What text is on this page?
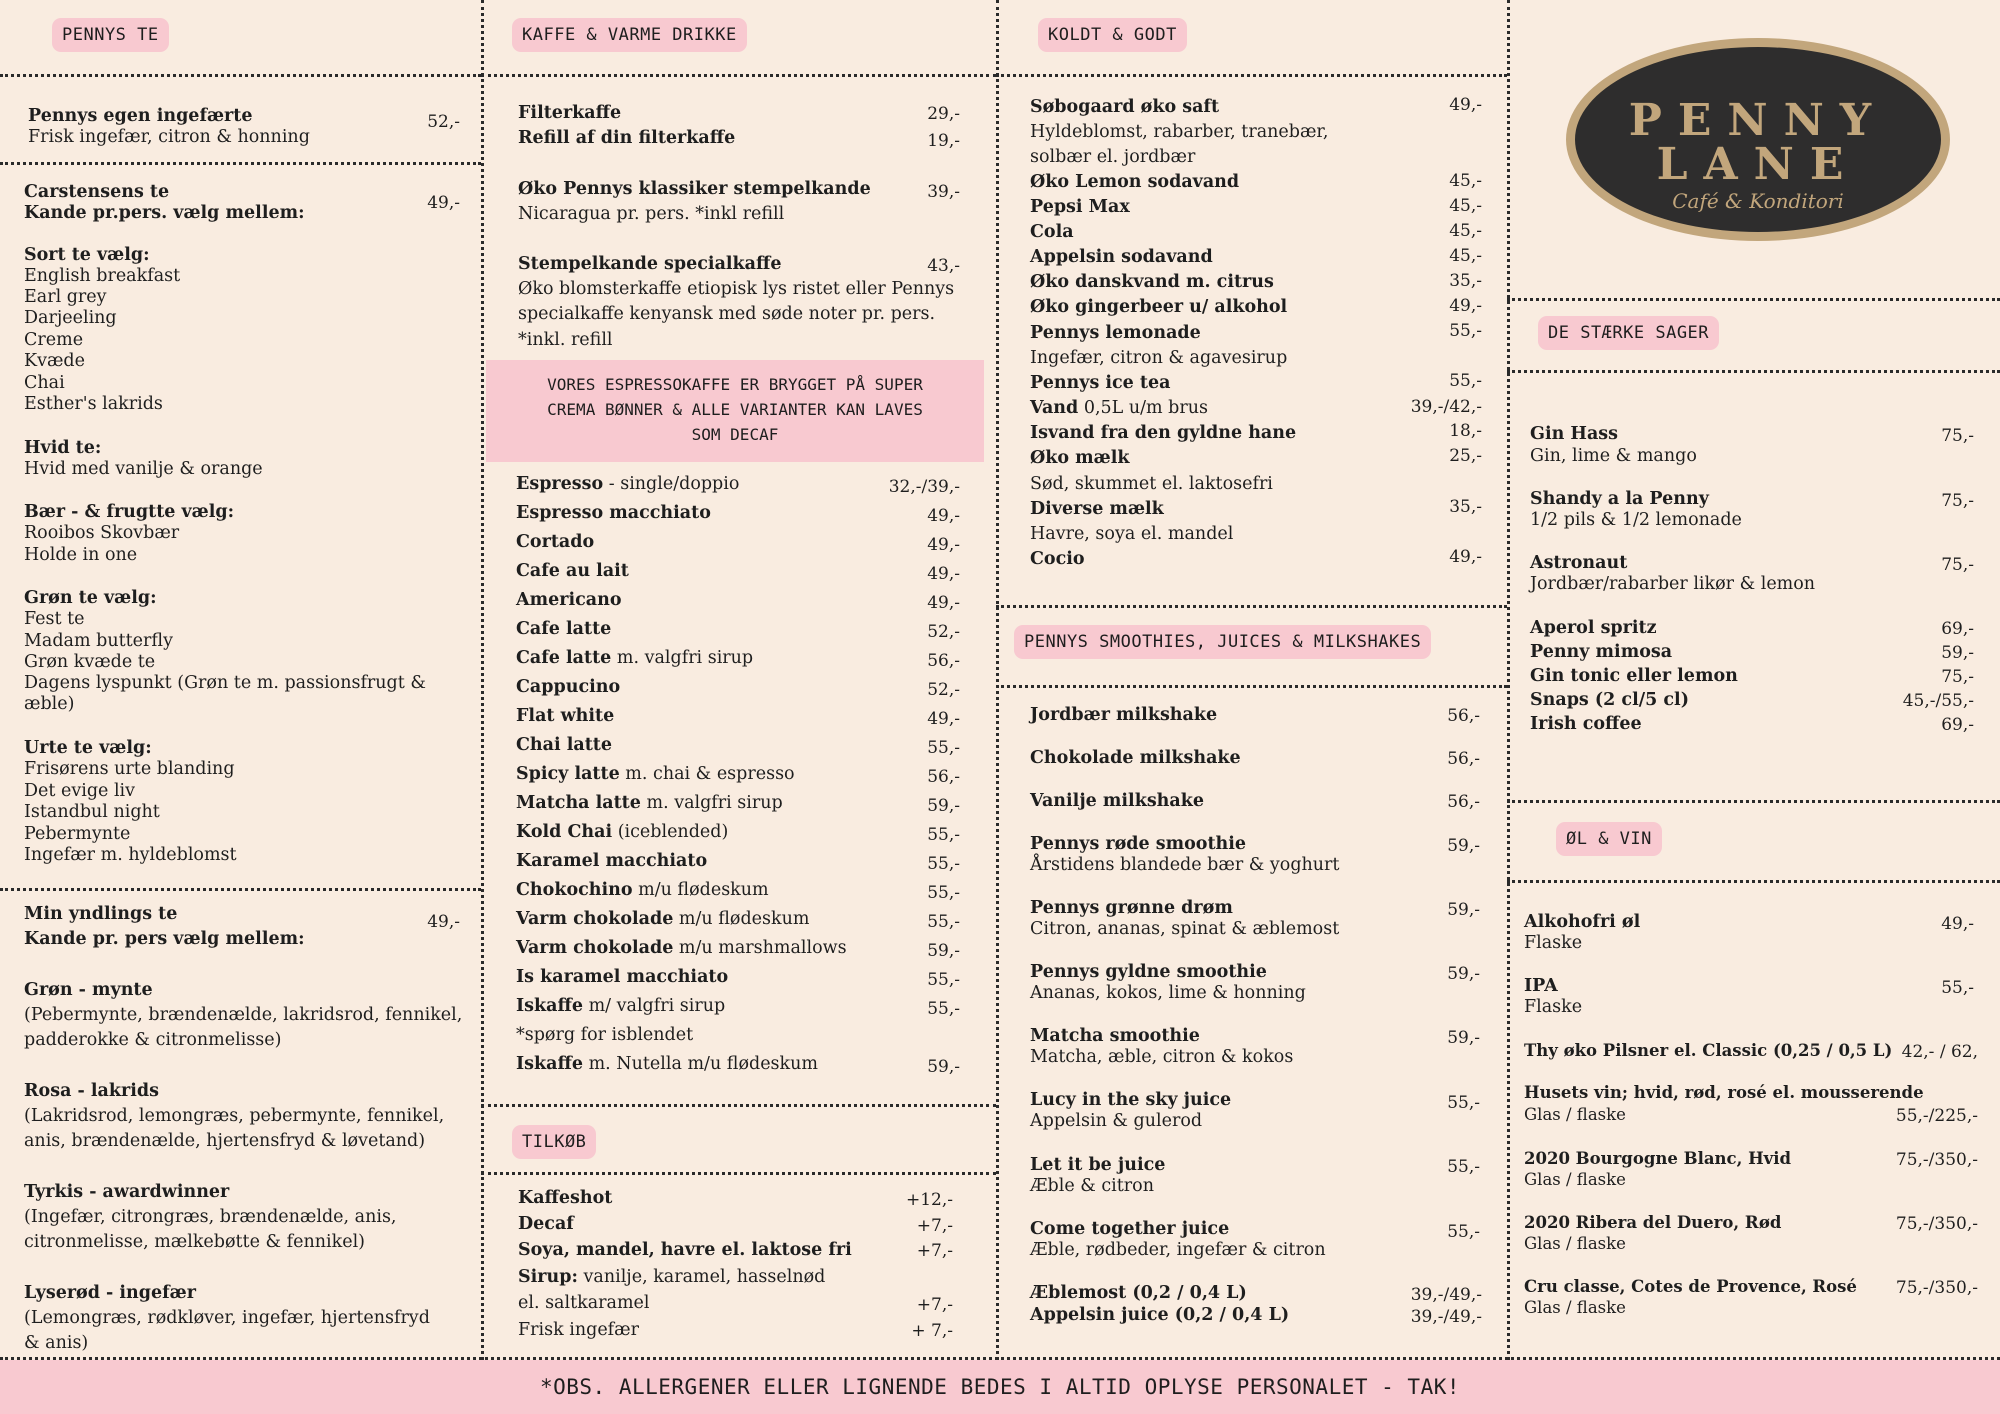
PENNYS TE
Pennys egen ingefærte
Frisk ingefær, citron & honning
52,-
Carstensens te
Kande pr.pers. vælg mellem:	49,-
Sort te vælg:
English breakfast
Earl grey
Darjeeling
Creme
Kvæde
Chai
Esther's lakrids
Hvid te:
Hvid med vanilje & orange
Bær - & frugtte vælg:
Rooibos Skovbær
Holde in one
Grøn te vælg:
Fest te
Madam butterfly
Grøn kvæde te
Dagens lyspunkt (Grøn te m. passionsfrugt &
æble)
Urte te vælg:
Frisørens urte blanding
Det evige liv
Istandbul night
Pebermynte
Ingefær m. hyldeblomst
Min yndlings te
Kande pr. pers vælg mellem:
49,-
Grøn - mynte
(Pebermynte, brændenælde, lakridsrod, fennikel,
padderokke & citronmelisse)
Rosa - lakrids
(Lakridsrod, lemongræs, pebermynte, fennikel,
anis, brændenælde, hjertensfryd & løvetand)
Tyrkis - awardwinner
(Ingefær, citrongræs, brændenælde, anis,
citronmelisse, mælkebøtte & fennikel)
Lyserød - ingefær
(Lemongræs, rødkløver, ingefær, hjertensfryd
& anis)
KAFFE & VARME DRIKKE
Filterkaffe	29,-
Refill af din filterkaffe	19,-
Øko Pennys klassiker stempelkande	39,-
Nicaragua pr. pers. *inkl refill
Stempelkande specialkaffe	43,-
Øko blomsterkaffe etiopisk lys ristet eller Pennys
specialkaffe kenyansk med søde noter pr. pers.
*inkl. refill
VORES ESPRESSOKAFFE ER BRYGGET PÅ SUPER
CREMA BØNNER & ALLE VARIANTER KAN LAVES
SOM DECAF
Espresso - single/doppio	32,-/39,-
Espresso macchiato	49,-
Cortado	49,-
Cafe au lait	49,-
Americano	49,-
Cafe latte	52,-
Cafe latte m. valgfri sirup	56,-
Cappucino	52,-
Flat white	49,-
Chai latte	55,-
Spicy latte m. chai & espresso	56,-
Matcha latte m. valgfri sirup	59,-
Kold Chai (iceblended)	55,-
Karamel macchiato	55,-
Chokochino m/u flødeskum	55,-
Varm chokolade m/u flødeskum	55,-
Varm chokolade m/u marshmallows	59,-
Is karamel macchiato	55,-
Iskaffe m/ valgfri sirup	55,-
*spørg for isblendet
Iskaffe m. Nutella m/u flødeskum	59,-
TILKØB
Kaffeshot	+12,-
Decaf	+7,-
Soya, mandel, havre el. laktose fri	+7,-
Sirup: vanilje, karamel, hasselnød
el. saltkaramel	+7,-
Frisk ingefær	+ 7,-
KOLDT & GODT
Søbogaard øko saft	49,-
Hyldeblomst, rabarber, tranebær,
solbær el. jordbær
Øko Lemon sodavand	45,-
Pepsi Max	45,-
Cola	45,-
Appelsin sodavand	45,-
Øko danskvand m. citrus	35,-
Øko gingerbeer u/ alkohol	49,-
Pennys lemonade	55,-
Ingefær, citron & agavesirup
Pennys ice tea	55,-
Vand 0,5L u/m brus	39,-/42,-
Isvand fra den gyldne hane	18,-
Øko mælk	25,-
Sød, skummet el. laktosefri
Diverse mælk	35,-
Havre, soya el. mandel
Cocio	49,-
PENNYS SMOOTHIES, JUICES & MILKSHAKES
Jordbær milkshake	56,-
Chokolade milkshake	56,-
Vanilje milkshake	56,-
Pennys røde smoothie
Årstidens blandede bær & yoghurt
59,-
Pennys grønne drøm
Citron, ananas, spinat & æblemost
59,-
Pennys gyldne smoothie
Ananas, kokos, lime & honning
59,-
Matcha smoothie
Matcha, æble, citron & kokos
59,-
Lucy in the sky juice
Appelsin & gulerod
55,-
Let it be juice
Æble & citron
55,-
Come together juice
Æble, rødbeder, ingefær & citron
55,-
Æblemost (0,2 / 0,4 L)	39,-/49,-
Appelsin juice (0,2 / 0,4 L)	39,-/49,-
PENNY
LANE
Café & Konditori
DE STÆRKE SAGER
Gin Hass
Gin, lime & mango
75,-
Shandy a la Penny
1/2 pils & 1/2 lemonade
75,-
Astronaut
Jordbær/rabarber likør & lemon
75,-
Aperol spritz	69,-
Penny mimosa	59,-
Gin tonic eller lemon	75,-
Snaps (2 cl/5 cl)	45,-/55,-
Irish coffee	69,-
ØL & VIN
Alkohofri øl
Flaske
49,-
IPA
Flaske
55,-
Thy øko Pilsner el. Classic (0,25 / 0,5 L) 42,- / 62,
Husets vin; hvid, rød, rosé el. mousserende
Glas / flaske	55,-/225,-
2020 Bourgogne Blanc, Hvid
Glas / flaske
75,-/350,-
2020 Ribera del Duero, Rød
Glas / flaske
75,-/350,-
Cru classe, Cotes de Provence, Rosé
Glas / flaske
75,-/350,-
*OBS. ALLERGENER ELLER LIGNENDE BEDES I ALTID OPLYSE PERSONALET - TAK!
